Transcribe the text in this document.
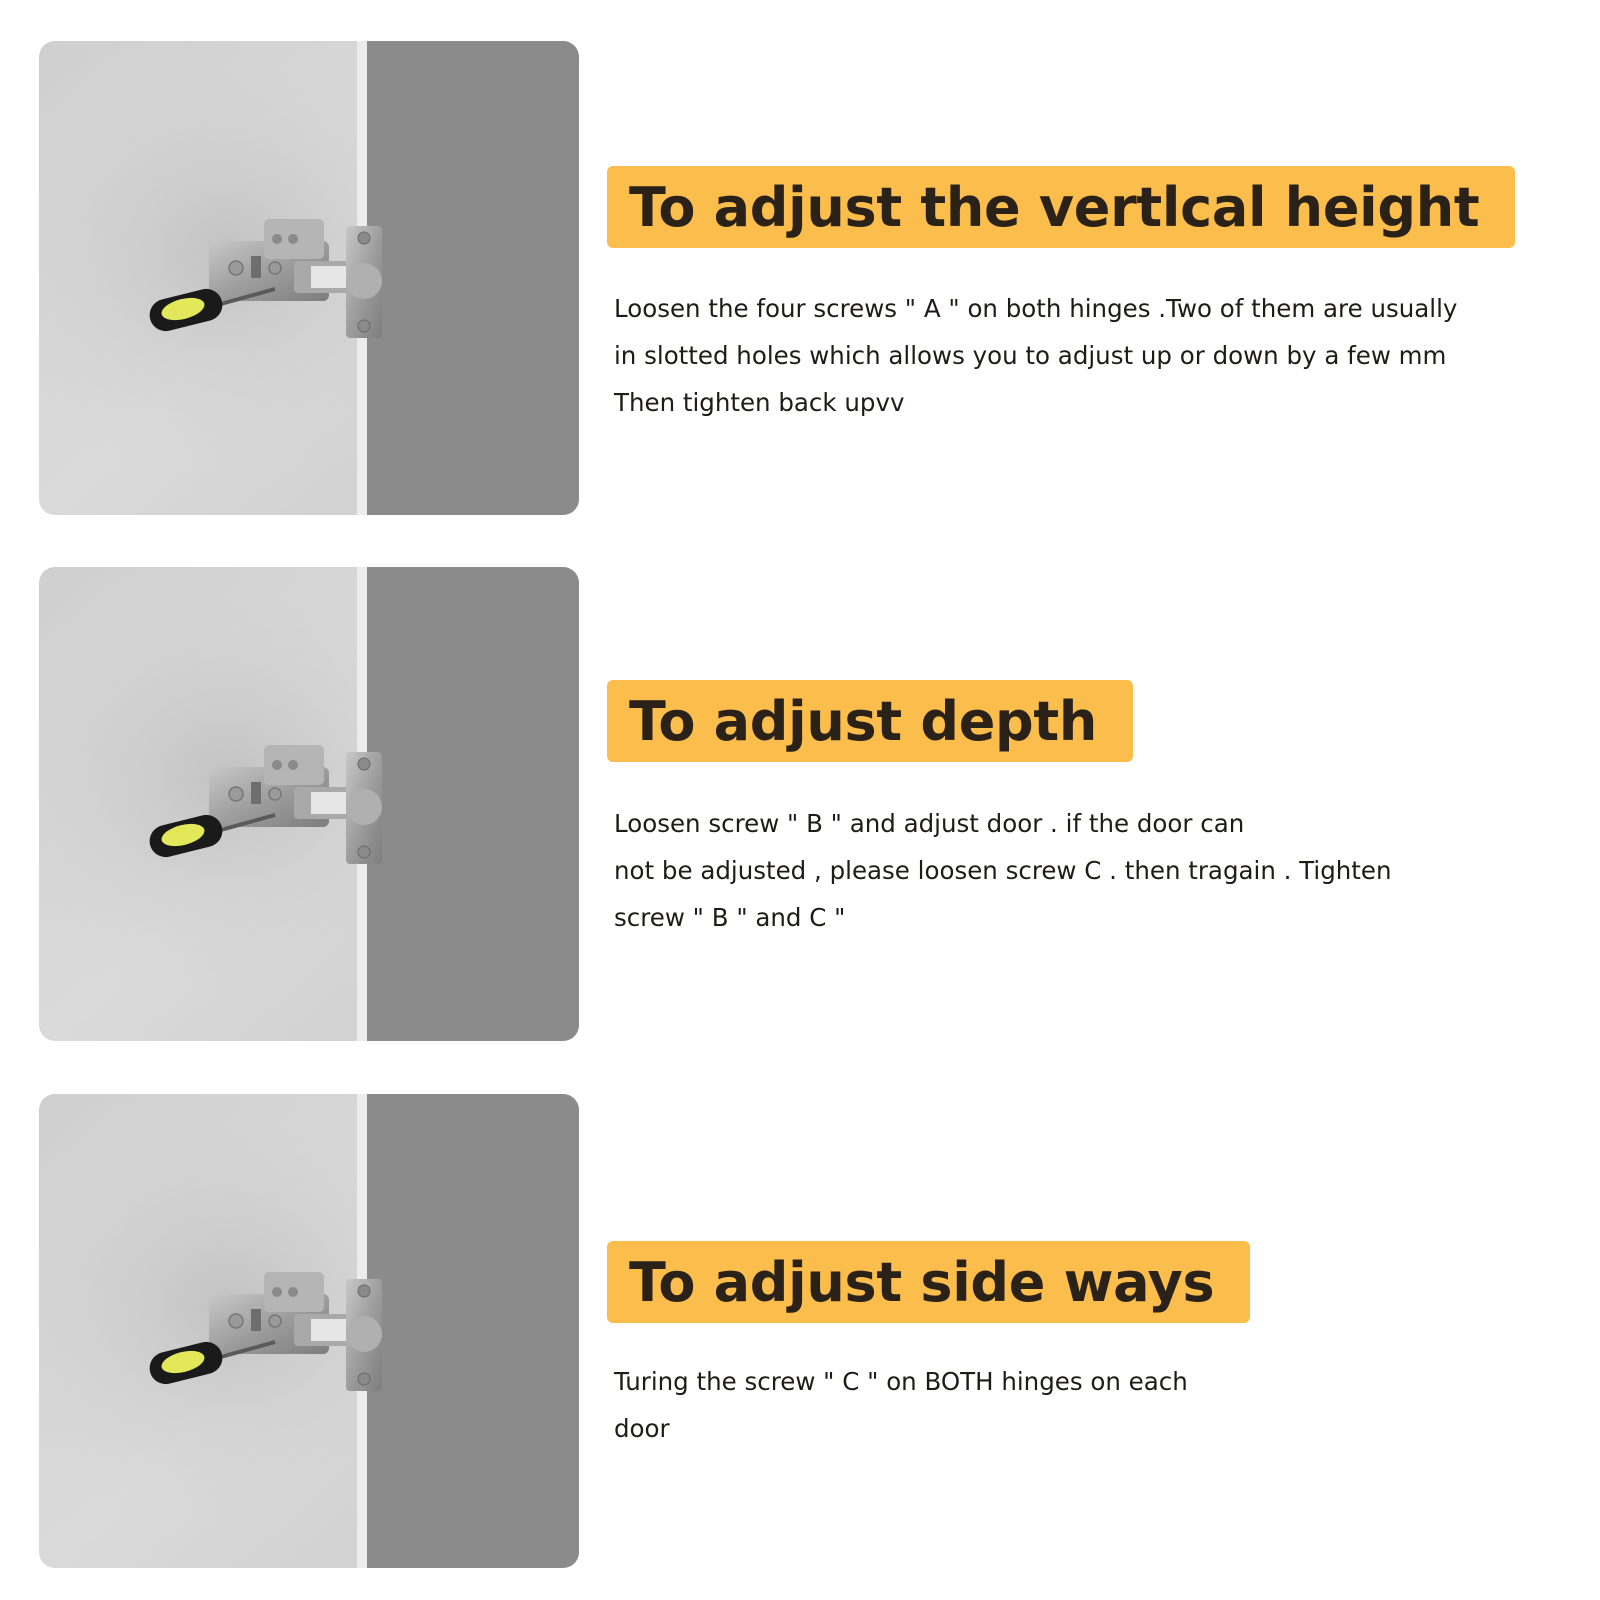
To adjust the vertlcal height
Loosen the four screws " A " on both hinges .Two of them are usually
in slotted holes which allows you to adjust up or down by a few mm
Then tighten back upvv
To adjust depth
Loosen screw " B " and adjust door . if the door can
not be adjusted , please loosen screw C . then tragain . Tighten
screw " B " and C "
To adjust side ways
Turing the screw " C " on BOTH hinges on each
door
